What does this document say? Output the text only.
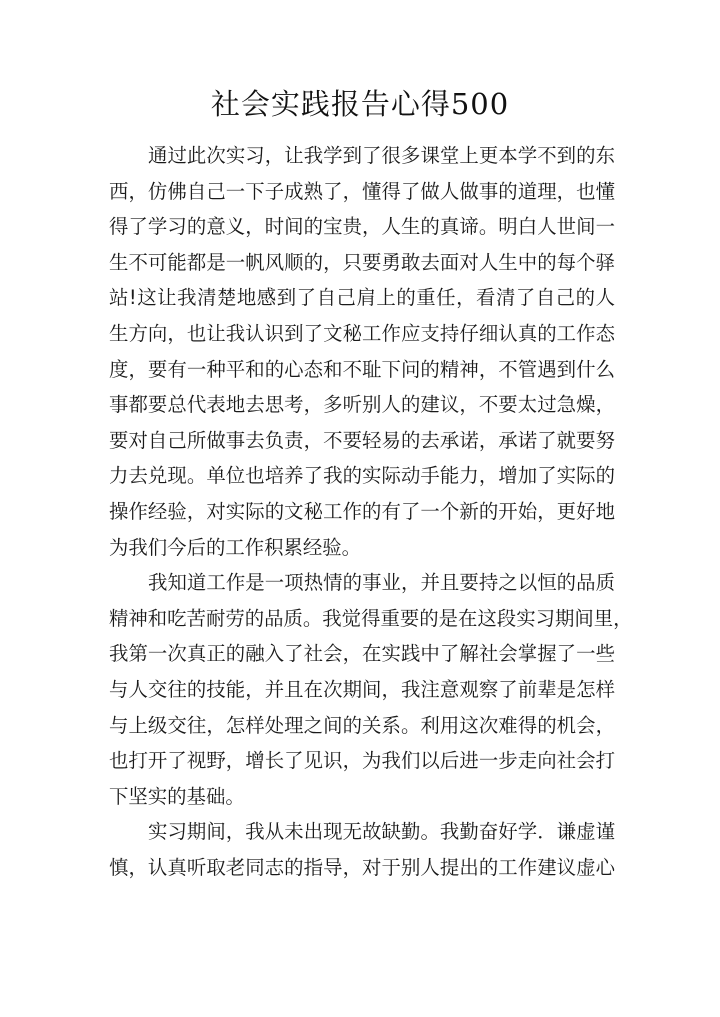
社会实践报告心得500
通过此次实习，让我学到了很多课堂上更本学不到的东
西，仿佛自己一下子成熟了，懂得了做人做事的道理，也懂
得了学习的意义，时间的宝贵，人生的真谛。明白人世间一
生不可能都是一帆风顺的，只要勇敢去面对人生中的每个驿
站!这让我清楚地感到了自己肩上的重任，看清了自己的人
生方向，也让我认识到了文秘工作应支持仔细认真的工作态
度，要有一种平和的心态和不耻下问的精神，不管遇到什么
事都要总代表地去思考，多听别人的建议，不要太过急燥，
要对自己所做事去负责，不要轻易的去承诺，承诺了就要努
力去兑现。单位也培养了我的实际动手能力，增加了实际的
操作经验，对实际的文秘工作的有了一个新的开始，更好地
为我们今后的工作积累经验。
我知道工作是一项热情的事业，并且要持之以恒的品质
精神和吃苦耐劳的品质。我觉得重要的是在这段实习期间里，
我第一次真正的融入了社会，在实践中了解社会掌握了一些
与人交往的技能，并且在次期间，我注意观察了前辈是怎样
与上级交往，怎样处理之间的关系。利用这次难得的机会，
也打开了视野，增长了见识，为我们以后进一步走向社会打
下坚实的基础。
实习期间，我从未出现无故缺勤。我勤奋好学．谦虚谨
慎，认真听取老同志的指导，对于别人提出的工作建议虚心
